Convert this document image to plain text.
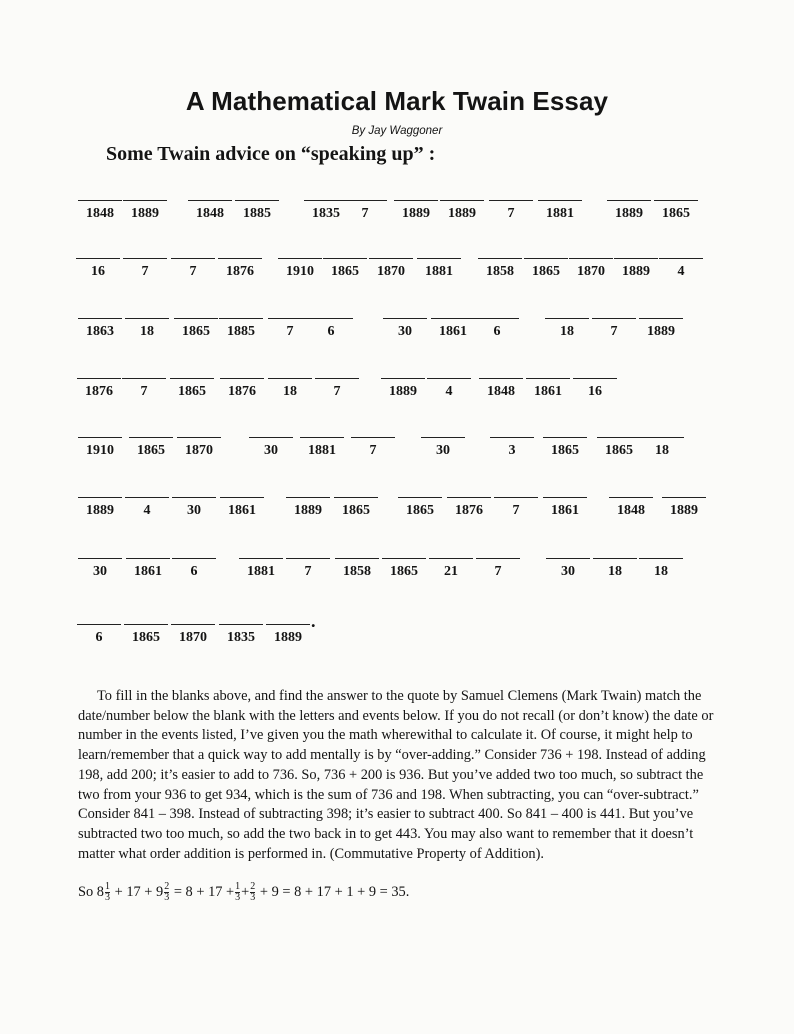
A Mathematical Mark Twain Essay
By Jay Waggoner
Some Twain advice on “speaking up” :
1848	1889	1848	1885	1835	7	1889	1889	7	1881	1889	1865
16	7	7	1876	1910	1865	1870	1881	1858	1865	1870	1889	4
1863	18	1865	1885	7	6	30	1861	6	18	7	1889
1876	7	1865	1876	18	7	1889	4	1848	1861	16
1910	1865	1870	30	1881	7	30	3	1865	1865	18
1889	4	30	1861	1889	1865	1865	1876	7	1861	1848	1889
30	1861	6	1881	7	1858	1865	21	7	30	18	18
6	1865	1870	1835	1889
.

To fill in the blanks above, and find the answer to the quote by Samuel Clemens (Mark Twain) match the date/number below the blank with the letters and events below. If you do not recall (or don’t know) the date or number in the events listed, I’ve given you the math wherewithal to calculate it. Of course, it might help to learn/remember that a quick way to add mentally is by “over-adding.” Consider 736 + 198. Instead of adding 198, add 200; it’s easier to add to 736. So, 736 + 200 is 936. But you’ve added two too much, so subtract the two from your 936 to get 934, which is the sum of 736 and 198. When subtracting, you can “over-subtract.” Consider 841 – 398. Instead of subtracting 398; it’s easier to subtract 400. So 841 – 400 is 441. But you’ve subtracted two too much, so add the two back in to get 443. You may also want to remember that it doesn’t matter what order addition is performed in. (Commutative Property of Addition).

So $8 \frac{1}{3} + 17 + 9 \frac{2}{3} = 8 + 17 + \frac{1}{3} + \frac{2}{3} + 9 = 8 + 17 + 1 + 9 = 35$.
